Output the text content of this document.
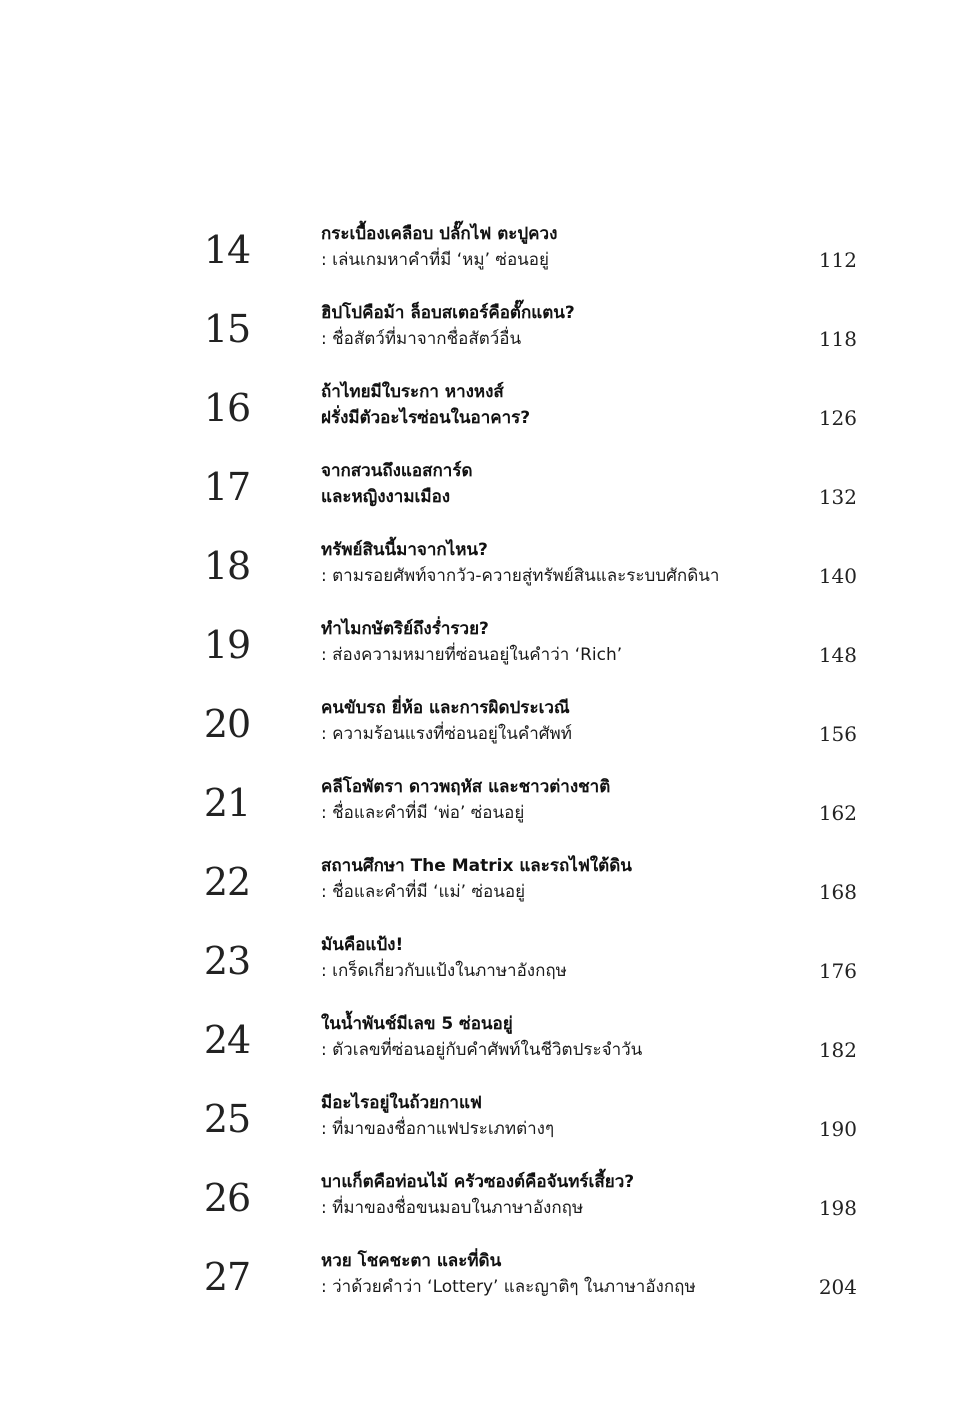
14	กระเบื้องเคลือบ ปลั๊กไฟ ตะปูควง
: เล่นเกมหาคำที่มี ‘หมู’ ซ่อนอยู่	112
15	ฮิปโปคือม้า ล็อบสเตอร์คือตั๊กแตน?
: ชื่อสัตว์ที่มาจากชื่อสัตว์อื่น	118
16	ถ้าไทยมีใบระกา หางหงส์
ฝรั่งมีตัวอะไรซ่อนในอาคาร?	126
17	จากสวนถึงแอสการ์ด
และหญิงงามเมือง	132
18	ทรัพย์สินนี้มาจากไหน?
: ตามรอยศัพท์จากวัว-ควายสู่ทรัพย์สินและระบบศักดินา	140
19	ทำไมกษัตริย์ถึงร่ำรวย?
: ส่องความหมายที่ซ่อนอยู่ในคำว่า ‘Rich’	148
20	คนขับรถ ยี่ห้อ และการผิดประเวณี
: ความร้อนแรงที่ซ่อนอยู่ในคำศัพท์	156
21	คลีโอพัตรา ดาวพฤหัส และชาวต่างชาติ
: ชื่อและคำที่มี ‘พ่อ’ ซ่อนอยู่	162
22	สถานศึกษา The Matrix และรถไฟใต้ดิน
: ชื่อและคำที่มี ‘แม่’ ซ่อนอยู่	168
23	มันคือแป้ง!
: เกร็ดเกี่ยวกับแป้งในภาษาอังกฤษ	176
24	ในน้ำพันช์มีเลข 5 ซ่อนอยู่
: ตัวเลขที่ซ่อนอยู่กับคำศัพท์ในชีวิตประจำวัน	182
25	มีอะไรอยู่ในถ้วยกาแฟ
: ที่มาของชื่อกาแฟประเภทต่างๆ	190
26	บาแก็ตคือท่อนไม้ ครัวซองต์คือจันทร์เสี้ยว?
: ที่มาของชื่อขนมอบในภาษาอังกฤษ	198
27	หวย โชคชะตา และที่ดิน
: ว่าด้วยคำว่า ‘Lottery’ และญาติๆ ในภาษาอังกฤษ	204
